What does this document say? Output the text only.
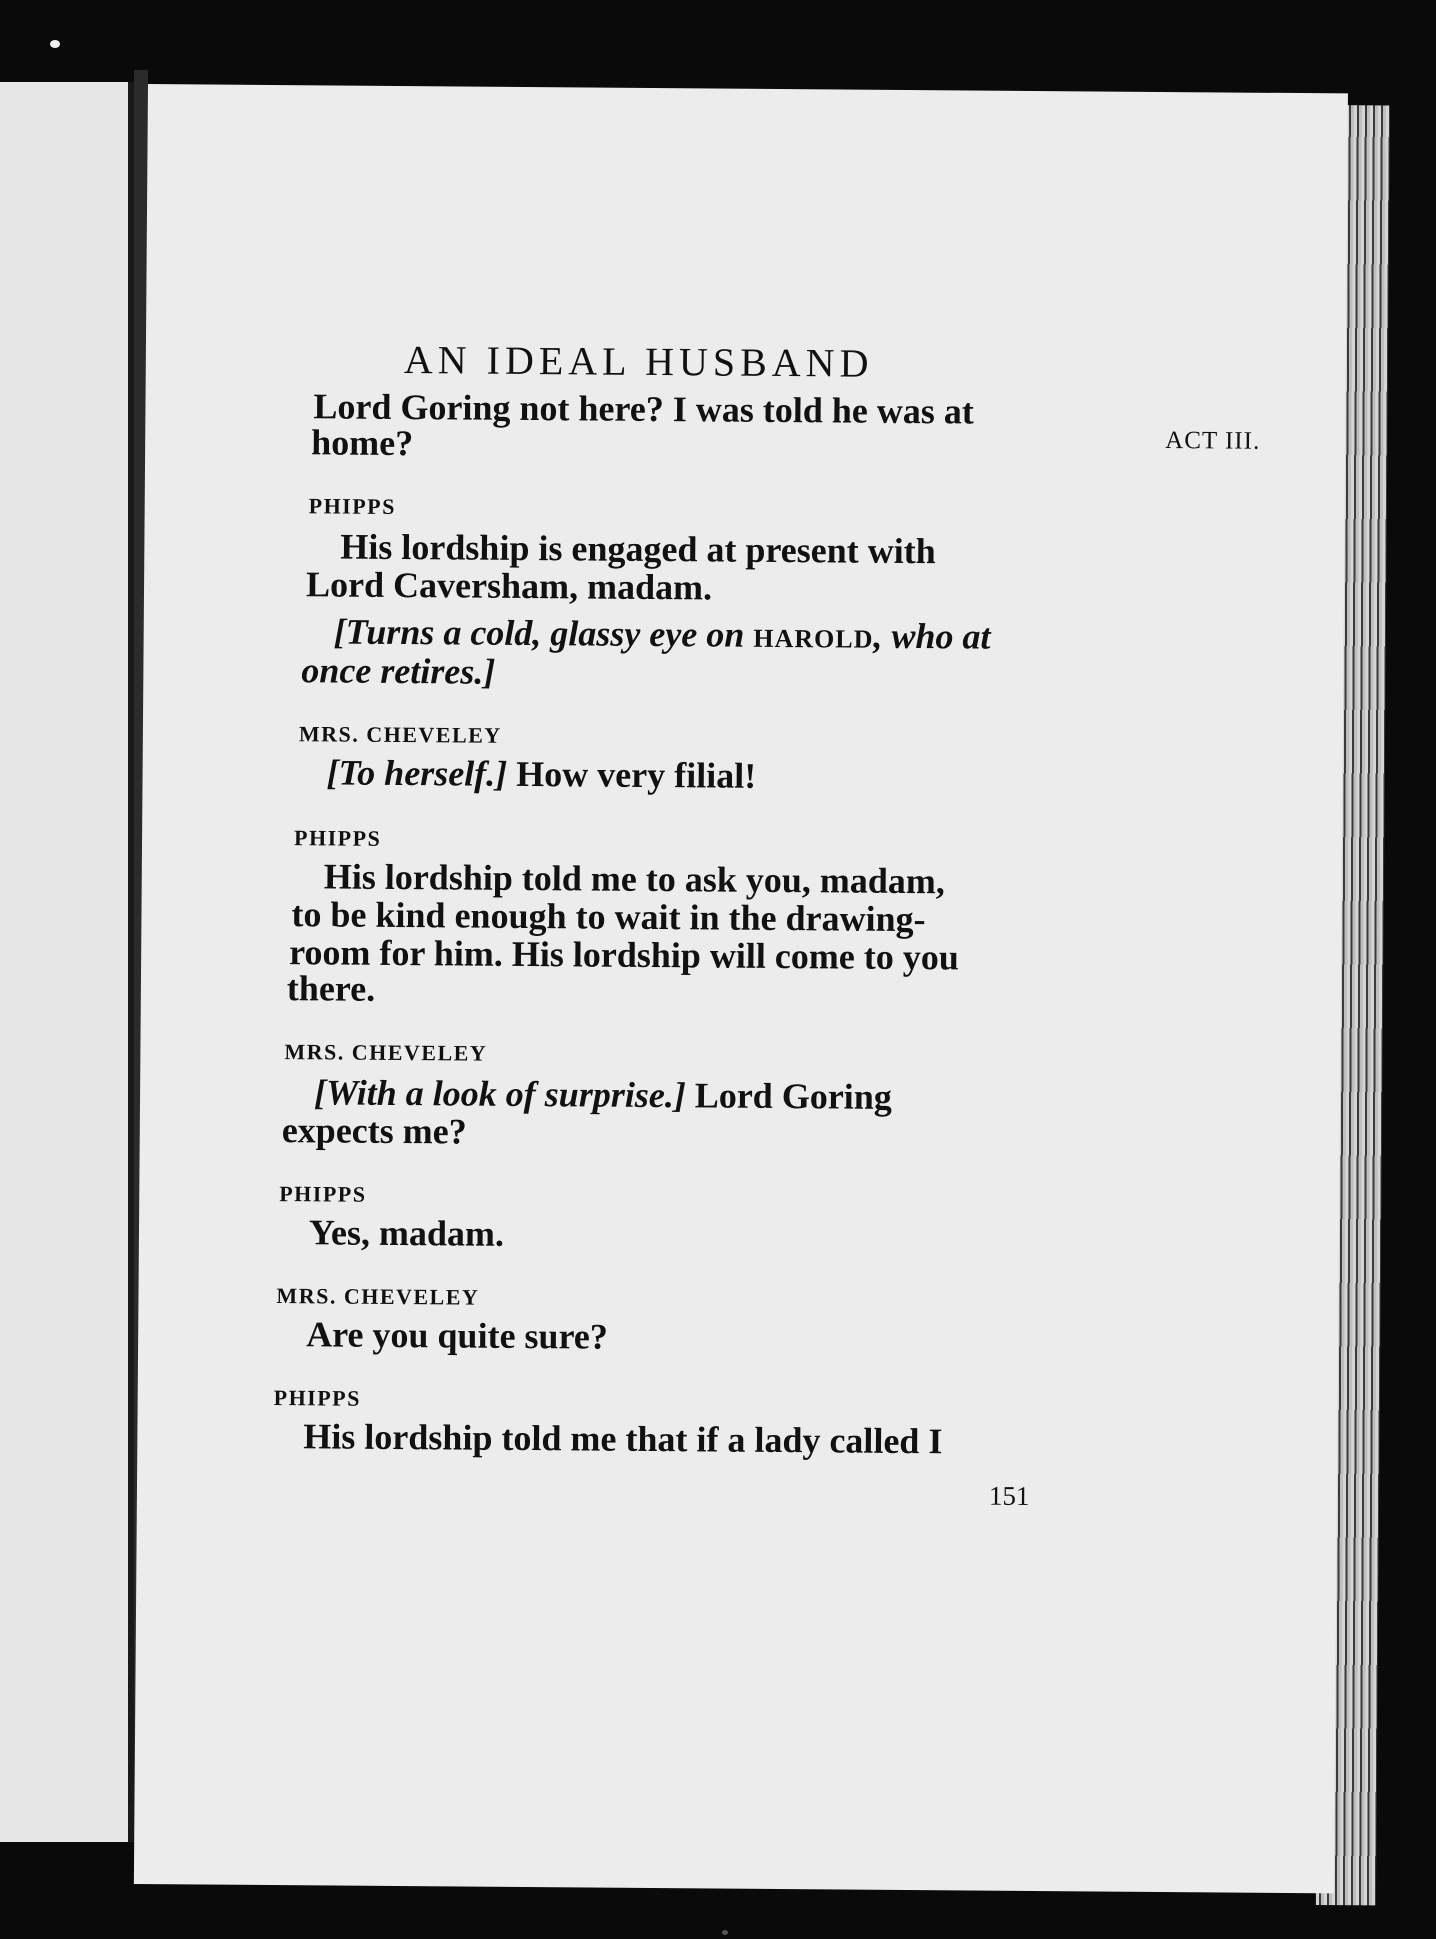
AN IDEAL HUSBAND
ACT III.
Lord Goring not here? I was told he was at
home?
PHIPPS
His lordship is engaged at present with
Lord Caversham, madam.
[Turns a cold, glassy eye on HAROLD, who at
once retires.]
MRS. CHEVELEY
[To herself.] How very filial!
PHIPPS
His lordship told me to ask you, madam,
to be kind enough to wait in the drawing-
room for him. His lordship will come to you
there.
MRS. CHEVELEY
[With a look of surprise.] Lord Goring
expects me?
PHIPPS
Yes, madam.
MRS. CHEVELEY
Are you quite sure?
PHIPPS
His lordship told me that if a lady called I
151
